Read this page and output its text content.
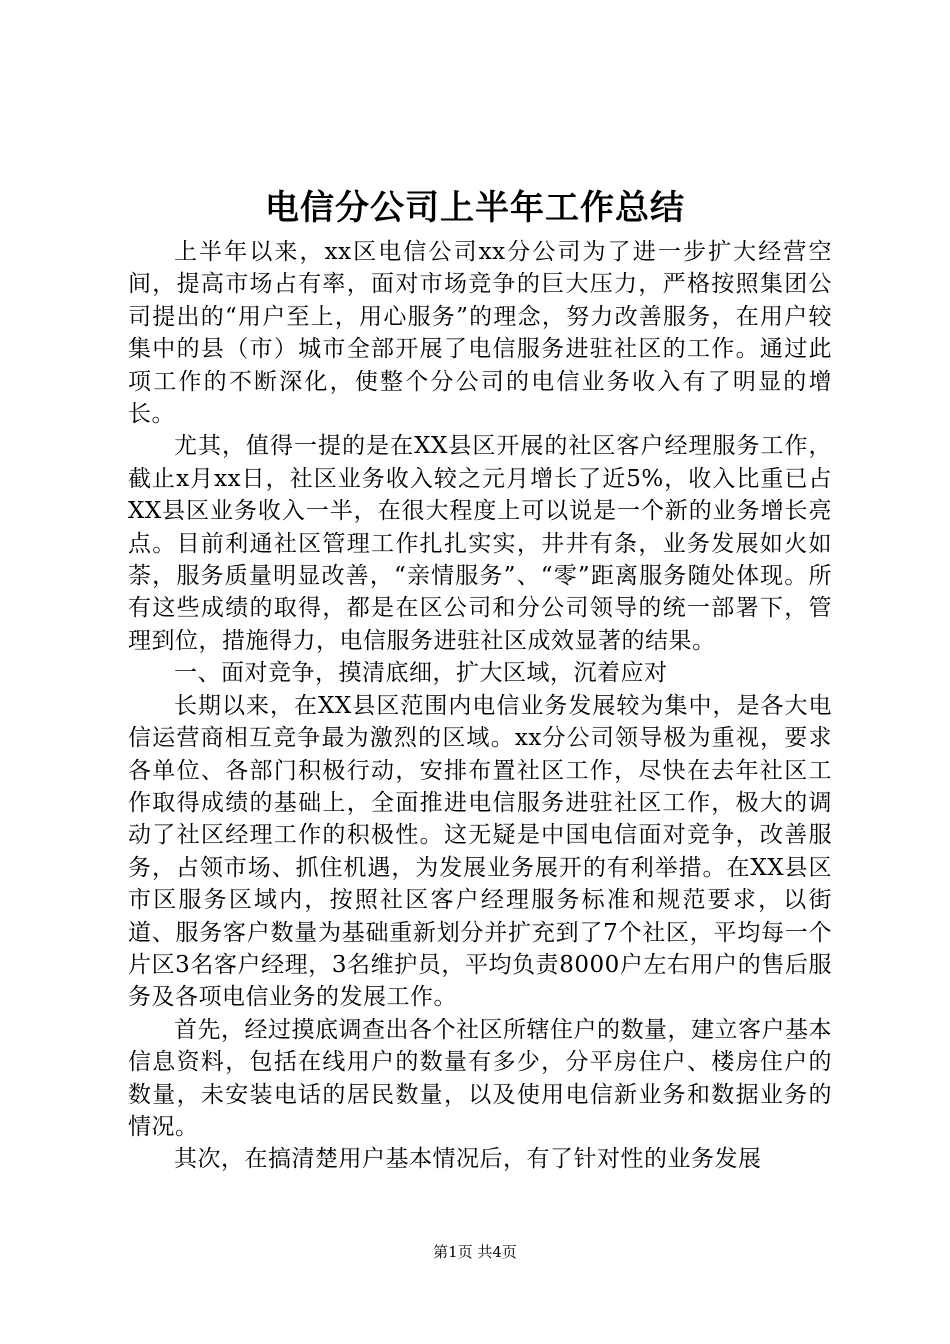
电信分公司上半年工作总结

上半年以来，xx区电信公司xx分公司为了进一步扩大经营空间，提高市场占有率，面对市场竞争的巨大压力，严格按照集团公司提出的“用户至上，用心服务”的理念，努力改善服务，在用户较集中的县（市）城市全部开展了电信服务进驻社区的工作。通过此项工作的不断深化，使整个分公司的电信业务收入有了明显的增长。

尤其，值得一提的是在XX县区开展的社区客户经理服务工作，截止x月xx日，社区业务收入较之元月增长了近5%，收入比重已占XX县区业务收入一半，在很大程度上可以说是一个新的业务增长亮点。目前利通社区管理工作扎扎实实，井井有条，业务发展如火如荼，服务质量明显改善，“亲情服务”、“零”距离服务随处体现。所有这些成绩的取得，都是在区公司和分公司领导的统一部署下，管理到位，措施得力，电信服务进驻社区成效显著的结果。

一、面对竞争，摸清底细，扩大区域，沉着应对

长期以来，在XX县区范围内电信业务发展较为集中，是各大电信运营商相互竞争最为激烈的区域。xx分公司领导极为重视，要求各单位、各部门积极行动，安排布置社区工作，尽快在去年社区工作取得成绩的基础上，全面推进电信服务进驻社区工作，极大的调动了社区经理工作的积极性。这无疑是中国电信面对竞争，改善服务，占领市场、抓住机遇，为发展业务展开的有利举措。在XX县区市区服务区域内，按照社区客户经理服务标准和规范要求，以街道、服务客户数量为基础重新划分并扩充到了7个社区，平均每一个片区3名客户经理，3名维护员，平均负责8000户左右用户的售后服务及各项电信业务的发展工作。

首先，经过摸底调查出各个社区所辖住户的数量，建立客户基本信息资料，包括在线用户的数量有多少，分平房住户、楼房住户的数量，未安装电话的居民数量，以及使用电信新业务和数据业务的情况。

其次，在搞清楚用户基本情况后，有了针对性的业务发展

第1页 共4页
